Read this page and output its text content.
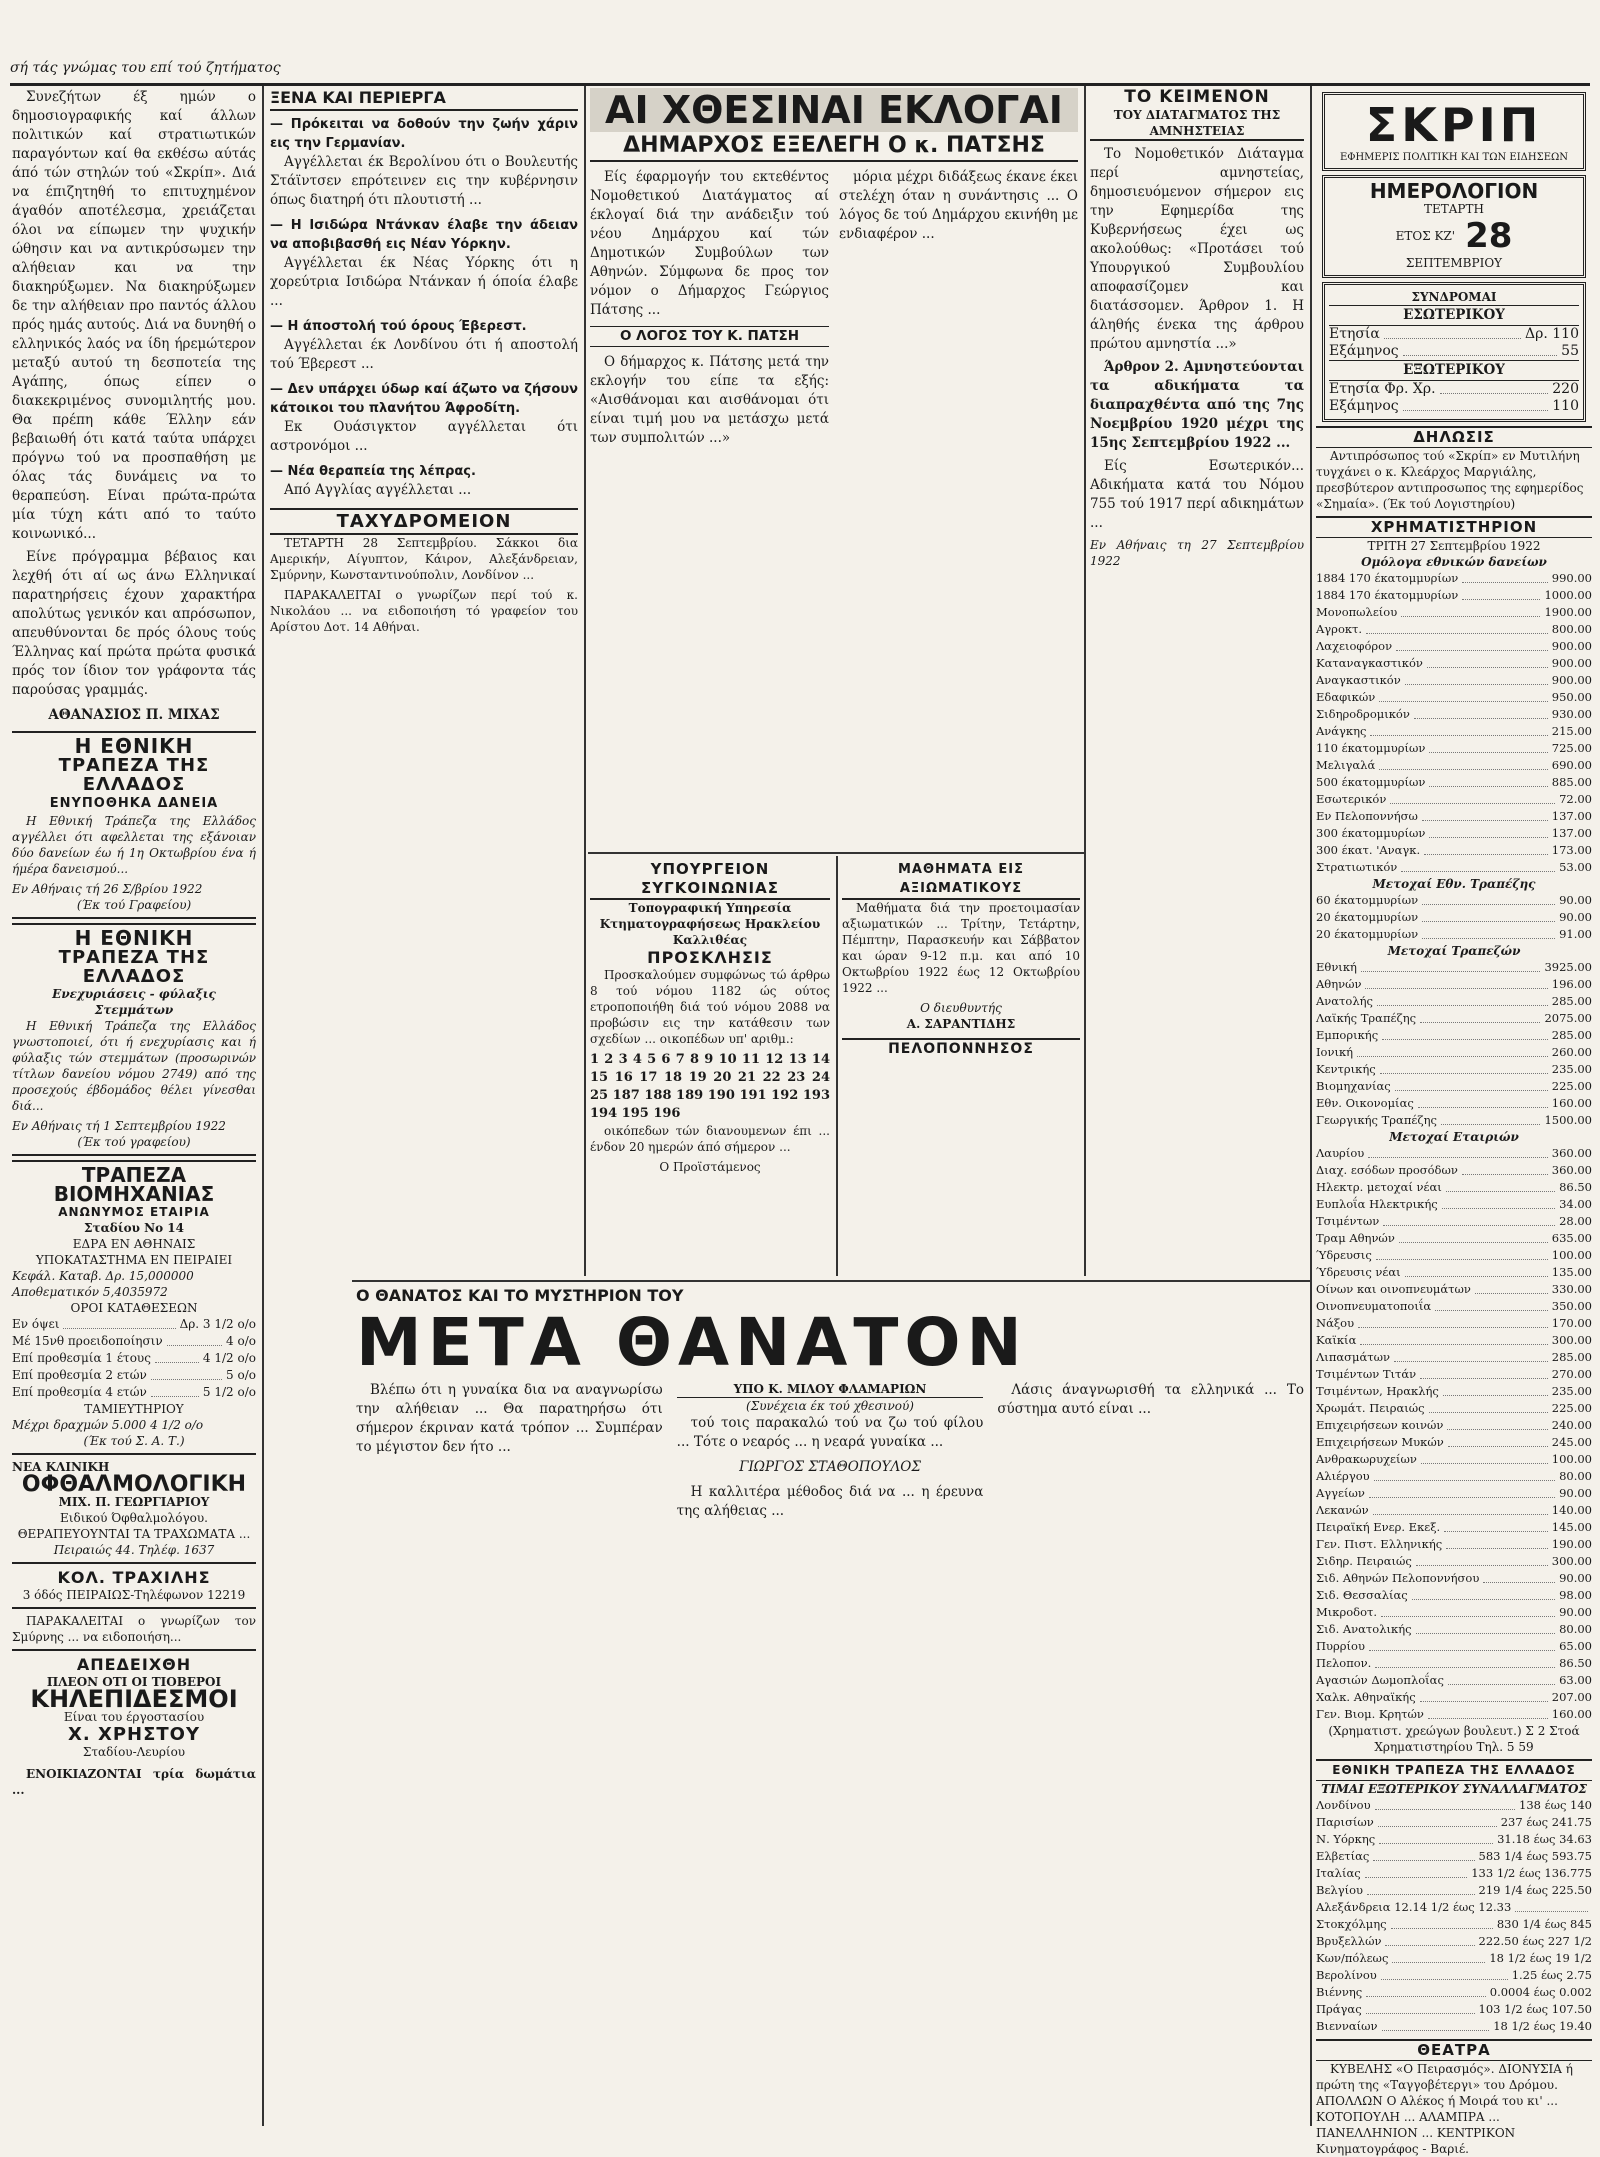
σή τάς γνώμας του επί τού ζητήματος

Συνεζήτων έξ ημών ο δημοσιογραφικής καί άλλων πολιτικών καί στρατιωτικών παραγόντων καί θα εκθέσω αύτάς άπό τών στηλών τού «Σκρίπ». Διά να έπιζητηθή το επιτυχημένον άγαθόν αποτέλεσμα, χρειάζεται όλοι να είπωμεν την ψυχικήν ώθησιν και να αντικρύσωμεν την αλήθειαν και να την διακηρύξωμεν. Να διακηρύξωμεν δε την αλήθειαν προ παντός άλλου πρός ημάς αυτούς. Διά να δυνηθή ο ελληνικός λαός να ίδη ήρεμώτερον μεταξύ αυτού τη δεσποτεία της Αγάπης, όπως είπεν ο διακεκριμένος συνομιλητής μου. Θα πρέπη κάθε Έλλην εάν βεβαιωθή ότι κατά ταύτα υπάρχει πρόγνω τού να προσπαθήση με όλας τάς δυνάμεις να το θεραπεύση. Είναι πρώτα-πρώτα μία τύχη κάτι από το ταύτο κοινωνικό...

Είνε πρόγραμμα βέβαιος και λεχθή ότι αί ως άνω Ελληνικαί παρατηρήσεις έχουν χαρακτήρα απολύτως γενικόν και απρόσωπον, απευθύνονται δε πρός όλους τούς Έλληνας καί πρώτα πρώτα φυσικά πρός τον ίδιον τον γράφοντα τάς παρούσας γραμμάς.

ΑΘΑΝΑΣΙΟΣ Π. ΜΙΧΑΣ
Η ΕΘΝΙΚΗ
ΤΡΑΠΕΖΑ ΤΗΣ ΕΛΛΑΔΟΣ
ΕΝΥΠΟΘΗΚΑ ΔΑΝΕΙΑ

Η Εθνική Τράπεζα της Ελλάδος αγγέλλει ότι αφελλεται της εξάνοιαν δύο δανείων έω ή 1η Οκτωβρίου ένα ή ήμέρα δανεισμού...

Εν Αθήναις τή 26 Σ/βρίου 1922
(Έκ τού Γραφείου)
Η ΕΘΝΙΚΗ
ΤΡΑΠΕΖΑ ΤΗΣ ΕΛΛΑΔΟΣ
Ενεχυριάσεις - φύλαξις Στεμμάτων

Η Εθνική Τράπεζα της Ελλάδος γνωστοποιεί, ότι ή ενεχυρίασις και ή φύλαξις τών στεμμάτων (προσωρινών τίτλων δανείου νόμου 2749) από της προσεχούς έβδομάδος θέλει γίνεσθαι διά...

Εν Αθήναις τή 1 Σεπτεμβρίου 1922
(Έκ τού γραφείου)
ΤΡΑΠΕΖΑ ΒΙΟΜΗΧΑΝΙΑΣ
ΑΝΩΝΥΜΟΣ ΕΤΑΙΡΙΑ
Σταδίου Νο 14
ΕΔΡΑ ΕΝ ΑΘΗΝΑΙΣ
ΥΠΟΚΑΤΑΣΤΗΜΑ ΕΝ ΠΕΙΡΑΙΕΙ
Κεφάλ. Καταβ. Δρ. 15,000000
Αποθεματικόν 5,4035972
ΟΡΟΙ ΚΑΤΑΘΕΣΕΩΝ
Εν όψει	Δρ. 3 1/2 ο/ο
Μέ 15νθ προειδοποίησιν	4 ο/ο
Επί προθεσμία 1 έτους	4 1/2 ο/ο
Επί προθεσμία 2 ετών	5 ο/ο
Επί προθεσμία 4 ετών	5 1/2 ο/ο
ΤΑΜΙΕΥΤΗΡΙΟΥ
Μέχρι δραχμών 5.000 4 1/2 ο/ο
(Έκ τού Σ. Α. Τ.)
ΝΕΑ ΚΛΙΝΙΚΗ
ΟΦΘΑΛΜΟΛΟΓΙΚΗ
ΜΙΧ. Π. ΓΕΩΡΓΙΑΡΙΟΥ
Ειδικού Όφθαλμολόγου. ΘΕΡΑΠΕΥΟΥΝΤΑΙ ΤΑ ΤΡΑΧΩΜΑΤΑ ...
Πειραιώς 44. Τηλέφ. 1637
ΚΟΛ. ΤΡΑΧΙΛΗΣ
3 όδός ΠΕΙΡΑΙΩΣ-Τηλέφωνον 12219

ΠΑΡΑΚΑΛΕΙΤΑΙ ο γνωρίζων τον Σμύρνης ... να ειδοποιήση...

ΑΠΕΔΕΙΧΘΗ
ΠΛΕΟΝ ΟΤΙ ΟΙ ΤΙΟΒΕΡΟΙ
ΚΗΛΕΠΙΔΕΣΜΟΙ
Είναι του έργοστασίου
Χ. ΧΡΗΣΤΟΥ
Σταδίου-Λευρίου

ΕΝΟΙΚΙΑΖΟΝΤΑΙ τρία δωμάτια ...

ΞΕΝΑ ΚΑΙ ΠΕΡΙΕΡΓΑ
— Πρόκειται να δοθούν την ζωήν χάριν εις την Γερμανίαν.

Αγγέλλεται έκ Βερολίνου ότι ο Βουλευτής Στάϊντσεν επρότεινεν εις την κυβέρνησιν όπως διατηρή ότι πλουτιστή ...

— Η Ισιδώρα Ντάνκαν έλαβε την άδειαν να αποβιβασθή εις Νέαν Υόρκην.

Αγγέλλεται έκ Νέας Υόρκης ότι η χορεύτρια Ισιδώρα Ντάνκαν ή όποία έλαβε ...

— Η άποστολή τού όρους Έβερεστ.

Αγγέλλεται έκ Λονδίνου ότι ή αποστολή τού Έβερεστ ...

— Δεν υπάρχει ύδωρ καί άζωτο να ζήσουν κάτοικοι του πλανήτου Άφροδίτη.

Εκ Ουάσιγκτον αγγέλλεται ότι αστρονόμοι ...

— Νέα θεραπεία της λέπρας.

Από Αγγλίας αγγέλλεται ...

ΤΑΧΥΔΡΟΜΕΙΟΝ

ΤΕΤΑΡΤΗ 28 Σεπτεμβρίου. Σάκκοι δια Αμερικήν, Αίγυπτον, Κάιρον, Αλεξάνδρειαν, Σμύρνην, Κωνσταντινούπολιν, Λονδίνον ...

ΠΑΡΑΚΑΛΕΙΤΑΙ ο γνωρίζων περί τού κ. Νικολάου ... να ειδοποιήση τό γραφείον του Αρίστου Δοτ. 14 Αθήναι.

ΑΙ ΧΘΕΣΙΝΑΙ ΕΚΛΟΓΑΙ
ΔΗΜΑΡΧΟΣ ΕΞΕΛΕΓΗ Ο κ. ΠΑΤΣΗΣ

Είς έφαρμογήν του εκτεθέντος Νομοθετικού Διατάγματος αί έκλογαί διά την ανάδειξιν τού νέου Δημάρχου καί τών Δημοτικών Συμβούλων των Αθηνών. Σύμφωνα δε προς τον νόμον ο Δήμαρχος Γεώργιος Πάτσης ...

Ο ΛΟΓΟΣ ΤΟΥ Κ. ΠΑΤΣΗ

Ο δήμαρχος κ. Πάτσης μετά την εκλογήν του είπε τα εξής: «Αισθάνομαι και αισθάνομαι ότι είναι τιμή μου να μετάσχω μετά των συμπολιτών ...»

μόρια μέχρι διδάξεως έκανε έκει στελέχη όταν η συνάντησις ... Ο λόγος δε τού Δημάρχου εκινήθη με ενδιαφέρον ...

ΥΠΟΥΡΓΕΙΟΝ ΣΥΓΚΟΙΝΩΝΙΑΣ
Τοπογραφική Υπηρεσία Κτηματογραφήσεως Ηρακλείου Καλλιθέας
ΠΡΟΣΚΛΗΣΙΣ

Προσκαλούμεν συμφώνως τώ άρθρω 8 τού νόμου 1182 ώς ούτος ετροποποιήθη διά τού νόμου 2088 να προβώσιν εις την κατάθεσιν των σχεδίων ... οικοπέδων υπ' αριθμ.:

1 2 3 4 5 6 7 8 9 10 11 12 13 14 15 16 17 18 19 20 21 22 23 24 25 187 188 189 190 191 192 193 194 195 196

οικόπεδων τών διανουμενων έπι ... ένδον 20 ημερών άπό σήμερον ...

Ο Προϊστάμενος
ΜΑΘΗΜΑΤΑ ΕΙΣ ΑΞΙΩΜΑΤΙΚΟΥΣ

Μαθήματα διά την προετοιμασίαν αξιωματικών ... Τρίτην, Τετάρτην, Πέμπτην, Παρασκευήν και Σάββατον και ώραν 9-12 π.μ. και από 10 Οκτωβρίου 1922 έως 12 Οκτωβρίου 1922 ...

Ο διευθυντής
Α. ΣΑΡΑΝΤΙΔΗΣ
ΠΕΛΟΠΟΝΝΗΣΟΣ
ΤΟ ΚΕΙΜΕΝΟΝ
ΤΟΥ ΔΙΑΤΑΓΜΑΤΟΣ ΤΗΣ ΑΜΝΗΣΤΕΙΑΣ

Το Νομοθετικόν Διάταγμα περί αμνηστείας, δημοσιευόμενον σήμερον εις την Εφημερίδα της Κυβερνήσεως έχει ως ακολούθως: «Προτάσει τού Υπουργικού Συμβουλίου αποφασίζομεν και διατάσσομεν. Άρθρον 1. Η άληθής ένεκα της άρθρου πρώτου αμνηστία ...»

Άρθρον 2. Αμνηστεύονται τα αδικήματα τα διαπραχθέντα από της 7ης Νοεμβρίου 1920 μέχρι της 15ης Σεπτεμβρίου 1922 ...

Είς Εσωτερικόν... Αδικήματα κατά του Νόμου 755 τού 1917 περί αδικημάτων ...

Εν Αθήναις τη 27 Σεπτεμβρίου 1922
Ο ΘΑΝΑΤΟΣ ΚΑΙ ΤΟ ΜΥΣΤΗΡΙΟΝ ΤΟΥ
ΜΕΤΑ ΘΑΝΑΤΟΝ

Βλέπω ότι η γυναίκα δια να αναγνωρίσω την αλήθειαν ... Θα παρατηρήσω ότι σήμερον έκριναν κατά τρόπον ... Συμπέραν το μέγιστον δεν ήτο ...

ΥΠΟ Κ. ΜΙΛΟΥ ΦΛΑΜΑΡΙΩΝ
(Συνέχεια έκ τού χθεσινού)

τού τοις παρακαλώ τού να ζω τού φίλου ... Τότε ο νεαρός ... η νεαρά γυναίκα ...

ΓΙΩΡΓΟΣ ΣΤΑΘΟΠΟΥΛΟΣ

Η καλλιτέρα μέθοδος διά να ... η έρευνα της αλήθειας ...

Λάσις άναγνωρισθή τα ελληνικά ... Το σύστημα αυτό είναι ...

ΣΚΡΙΠ
ΕΦΗΜΕΡΙΣ ΠΟΛΙΤΙΚΗ ΚΑΙ ΤΩΝ ΕΙΔΗΣΕΩΝ
ΗΜΕΡΟΛΟΓΙΟΝ
ΤΕΤΑΡΤΗ
ΕΤΟΣ ΚΖ' 28
ΣΕΠΤΕΜΒΡΙΟΥ
ΣΥΝΔΡΟΜΑΙ
ΕΣΩΤΕΡΙΚΟΥ
Ετησία	Δρ. 110
Εξάμηνος	55
ΕΞΩΤΕΡΙΚΟΥ
Ετησία Φρ. Χρ.	220
Εξάμηνος	110
ΔΗΛΩΣΙΣ

Αντιπρόσωπος τού «Σκρίπ» εν Μυτιλήνη τυγχάνει ο κ. Κλεάρχος Μαργιάλης, πρεσβύτερον αντιπροσωπος της εφημερίδος «Σημαία». (Έκ τού Λογιστηρίου)

ΧΡΗΜΑΤΙΣΤΗΡΙΟΝ
ΤΡΙΤΗ 27 Σεπτεμβρίου 1922
Ομόλογα εθνικών δανείων
1884 170 έκατομμυρίων	990.00
1884 170 έκατομμυρίων	1000.00
Μονοπωλείου	1900.00
Αγροκτ.	800.00
Λαχειοφόρον	900.00
Καταναγκαστικόν	900.00
Αναγκαστικόν	900.00
Εδαφικών	950.00
Σιδηροδρομικόν	930.00
Ανάγκης	215.00
110 έκατομμυρίων	725.00
Μελιγαλά	690.00
500 έκατομμυρίων	885.00
Εσωτερικόν	72.00
Εν Πελοποννήσω	137.00
300 έκατομμυρίων	137.00
300 έκατ. 'Αναγκ.	173.00
Στρατιωτικόν	53.00
Μετοχαί Εθν. Τραπέζης
60 έκατομμυρίων	90.00
20 έκατομμυρίων	90.00
20 έκατομμυρίων	91.00
Μετοχαί Τραπεζών
Εθνική	3925.00
Αθηνών	196.00
Ανατολής	285.00
Λαϊκής Τραπέζης	2075.00
Εμπορικής	285.00
Ιονική	260.00
Κεντρικής	235.00
Βιομηχανίας	225.00
Εθν. Οικονομίας	160.00
Γεωργικής Τραπέζης	1500.00
Μετοχαί Εταιριών
Λαυρίου	360.00
Διαχ. εσόδων προσόδων	360.00
Ηλεκτρ. μετοχαί νέαι	86.50
Ευπλοΐα Ηλεκτρικής	34.00
Τσιμέντων	28.00
Τραμ Αθηνών	635.00
Ύδρευσις	100.00
Ύδρευσις νέαι	135.00
Οίνων και οινοπνευμάτων	330.00
Οινοπνευματοποιΐα	350.00
Νάξου	170.00
Καϊκία	300.00
Λιπασμάτων	285.00
Τσιμέντων Τιτάν	270.00
Τσιμέντων, Ηρακλής	235.00
Χρωμάτ. Πειραιώς	225.00
Επιχειρήσεων κοινών	240.00
Επιχειρήσεων Μυκών	245.00
Ανθρακωρυχείων	100.00
Αλιέργου	80.00
Αγγείων	90.00
Λεκανών	140.00
Πειραϊκή Ενερ. Εκεξ.	145.00
Γεν. Πιστ. Ελληνικής	190.00
Σιδηρ. Πειραιώς	300.00
Σιδ. Αθηνών Πελοποννήσου	90.00
Σιδ. Θεσσαλίας	98.00
Μικροδοτ.	90.00
Σιδ. Ανατολικής	80.00
Πυρρίου	65.00
Πελοπον.	86.50
Αγασιών Δωμοπλοΐας	63.00
Χαλκ. Αθηναϊκής	207.00
Γεν. Βιομ. Κρητών	160.00
(Χρηματιστ. χρεώγων βουλευτ.) Σ 2 Στοά Χρηματιστηρίου Τηλ. 5 59
ΕΘΝΙΚΗ ΤΡΑΠΕΖΑ ΤΗΣ ΕΛΛΑΔΟΣ
ΤΙΜΑΙ ΕΞΩΤΕΡΙΚΟΥ ΣΥΝΑΛΛΑΓΜΑΤΟΣ
Λονδίνου	138 έως 140
Παρισίων	237 έως 241.75
Ν. Υόρκης	31.18 έως 34.63
Ελβετίας	583 1/4 έως 593.75
Ιταλίας	133 1/2 έως 136.775
Βελγίου	219 1/4 έως 225.50
Αλεξάνδρεια 12.14 1/2 έως 12.33
Στοκχόλμης	830 1/4 έως 845
Βρυξελλών	222.50 έως 227 1/2
Κων/πόλεως	18 1/2 έως 19 1/2
Βερολίνου	1.25 έως 2.75
Βιέννης	0.0004 έως 0.002
Πράγας	103 1/2 έως 107.50
Βιενναίων	18 1/2 έως 19.40
ΘΕΑΤΡΑ

ΚΥΒΕΛΗΣ «Ο Πειρασμός». ΔΙΟΝΥΣΙΑ ή πρώτη της «Ταγγοβέτεργι» του Δρόμου. ΑΠΟΛΛΩΝ Ο Αλέκος ή Μοιρά του κι' ... ΚΟΤΟΠΟΥΛΗ ... ΑΛΑΜΠΡΑ ... ΠΑΝΕΛΛΗΝΙΟΝ ... ΚΕΝΤΡΙΚΟΝ Κινηματογράφος - Βαριέ.
